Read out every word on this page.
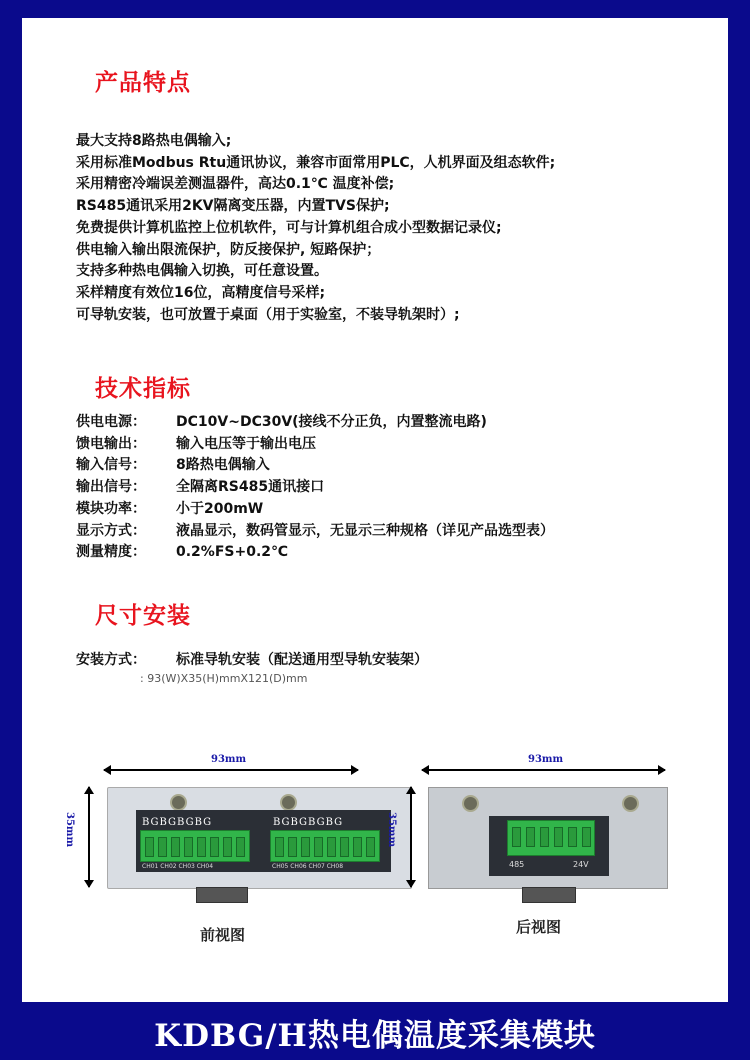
产品特点
最大支持8路热电偶输入;
采用标准Modbus Rtu通讯协议，兼容市面常用PLC，人机界面及组态软件;
采用精密冷端误差测温器件，高达0.1℃ 温度补偿;
RS485通讯采用2KV隔离变压器，内置TVS保护;
免费提供计算机监控上位机软件，可与计算机组合成小型数据记录仪;
供电输入输出限流保护，防反接保护, 短路保护；
支持多种热电偶输入切换，可任意设置。
采样精度有效位16位，高精度信号采样;
可导轨安装，也可放置于桌面（用于实验室，不装导轨架时）;
技术指标
供电电源：	DC10V~DC30V(接线不分正负，内置整流电路)
馈电输出：	输入电压等于输出电压
输入信号：	8路热电偶输入
输出信号：	全隔离RS485通讯接口
模块功率：	小于200mW
显示方式：	液晶显示，数码管显示，无显示三种规格（详见产品选型表）
测量精度：	0.2%FS+0.2℃
尺寸安装
安装方式：	标准导轨安装（配送通用型导轨安装架）
: 93(W)X35(H)mmX121(D)mm
93mm
35mm	BGBGBGBG	BGBGBGBG
CH01 CH02 CH03 CH04	CH05 CH06 CH07 CH08
前视图
93mm
35mm
485	24V
后视图
KDBG/H热电偶温度采集模块
